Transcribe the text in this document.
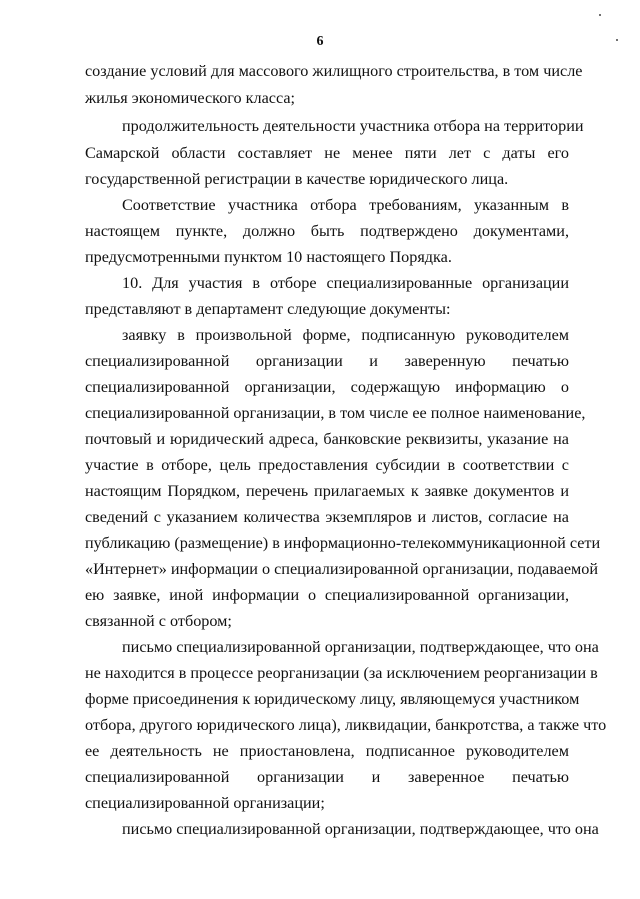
6
создание условий для массового жилищного строительства, в том числе
жилья экономического класса;
продолжительность деятельности участника отбора на территории
Самарской области составляет не менее пяти лет с даты его
государственной регистрации в качестве юридического лица.
Соответствие участника отбора требованиям, указанным в
настоящем пункте, должно быть подтверждено документами,
предусмотренными пунктом 10 настоящего Порядка.
10. Для участия в отборе специализированные организации
представляют в департамент следующие документы:
заявку в произвольной форме, подписанную руководителем
специализированной организации и заверенную печатью
специализированной организации, содержащую информацию о
специализированной организации, в том числе ее полное наименование,
почтовый и юридический адреса, банковские реквизиты, указание на
участие в отборе, цель предоставления субсидии в соответствии с
настоящим Порядком, перечень прилагаемых к заявке документов и
сведений с указанием количества экземпляров и листов, согласие на
публикацию (размещение) в информационно-телекоммуникационной сети
«Интернет» информации о специализированной организации, подаваемой
ею заявке, иной информации о специализированной организации,
связанной с отбором;
письмо специализированной организации, подтверждающее, что она
не находится в процессе реорганизации (за исключением реорганизации в
форме присоединения к юридическому лицу, являющемуся участником
отбора, другого юридического лица), ликвидации, банкротства, а также что
ее деятельность не приостановлена, подписанное руководителем
специализированной организации и заверенное печатью
специализированной организации;
письмо специализированной организации, подтверждающее, что она
